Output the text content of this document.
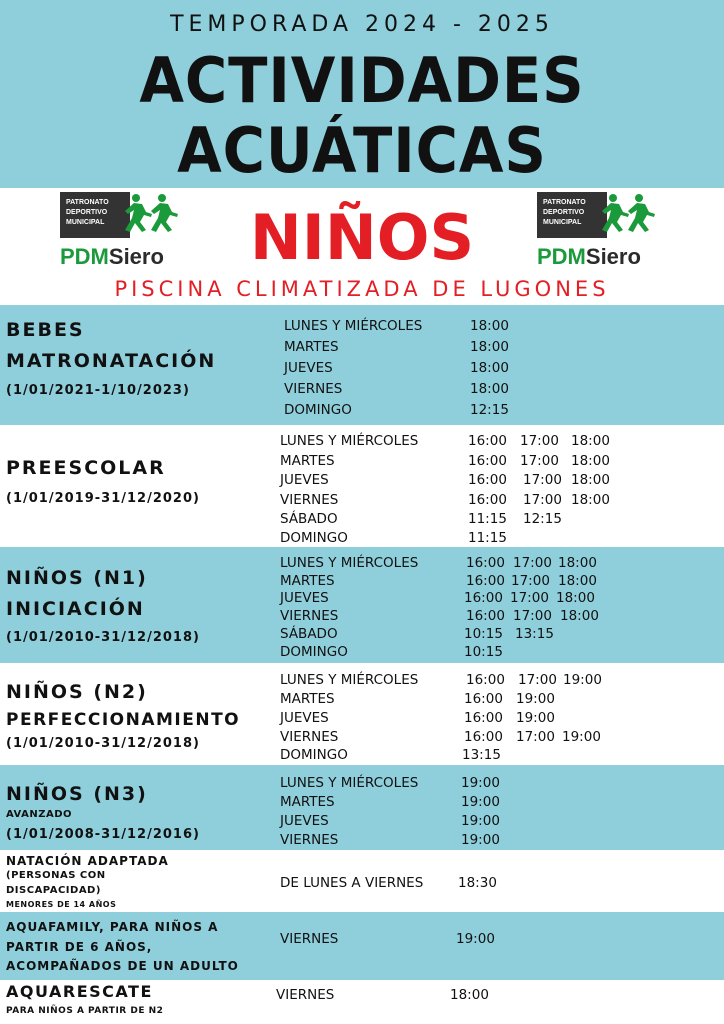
TEMPORADA 2024 - 2025
ACTIVIDADES
ACUÁTICAS
PATRONATO
DEPORTIVO
MUNICIPAL
PDMSiero
PATRONATO
DEPORTIVO
MUNICIPAL
PDMSiero
NIÑOS
PISCINA CLIMATIZADA DE LUGONES
BEBES
MATRONATACIÓN
(1/01/2021-1/10/2023)
LUNES Y MIÉRCOLES	18:00
MARTES	18:00
JUEVES	18:00
VIERNES	18:00
DOMINGO	12:15
PREESCOLAR
(1/01/2019-31/12/2020)
LUNES Y MIÉRCOLES	16:00 17:00 18:00
MARTES	16:00 17:00 18:00
JUEVES	16:00 17:00 18:00
VIERNES	16:00 17:00 18:00
SÁBADO	11:15 12:15
DOMINGO	11:15
NIÑOS (N1)
INICIACIÓN
(1/01/2010-31/12/2018)
LUNES Y MIÉRCOLES	16:00 17:00 18:00
MARTES	16:00 17:00 18:00
JUEVES	16:00 17:00 18:00
VIERNES	16:00 17:00 18:00
SÁBADO	10:15 13:15
DOMINGO	10:15
NIÑOS (N2)
PERFECCIONAMIENTO
(1/01/2010-31/12/2018)
LUNES Y MIÉRCOLES	16:00 17:00 19:00
MARTES	16:00 19:00
JUEVES	16:00 19:00
VIERNES	16:00 17:00 19:00
DOMINGO	13:15
NIÑOS (N3)
AVANZADO
(1/01/2008-31/12/2016)
LUNES Y MIÉRCOLES	19:00
MARTES	19:00
JUEVES	19:00
VIERNES	19:00
NATACIÓN ADAPTADA
(PERSONAS CON
DISCAPACIDAD)
MENORES DE 14 AÑOS
DE LUNES A VIERNES	18:30
AQUAFAMILY, PARA NIÑOS A
PARTIR DE 6 AÑOS,
ACOMPAÑADOS DE UN ADULTO
VIERNES	19:00
AQUARESCATE
PARA NIÑOS A PARTIR DE N2
VIERNES	18:00
